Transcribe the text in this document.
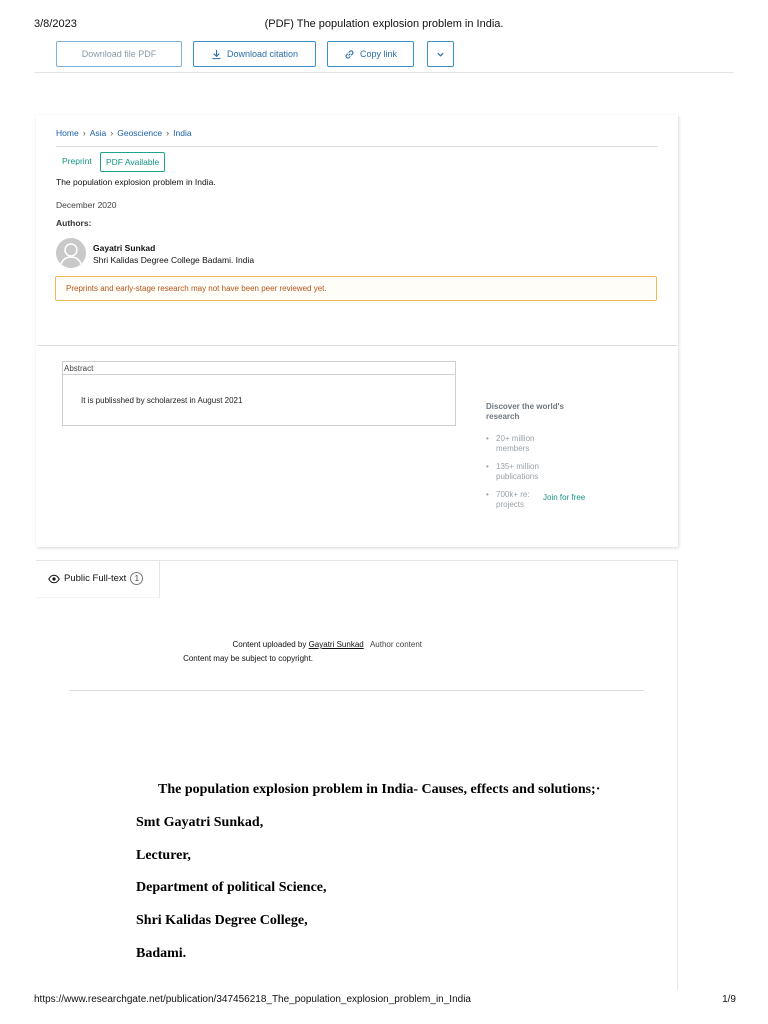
3/8/2023	(PDF) The population explosion problem in India.
Download file PDF	Download citation	Copy link
Home › Asia › Geoscience › India
Preprint	PDF Available
The population explosion problem in India.
December 2020
Authors:
Gayatri Sunkad
Shri Kalidas Degree College Badami. India
Preprints and early-stage research may not have been peer reviewed yet.
Abstract
It is publisshed by scholarzest in August 2021
Discover the world's research
• 20+ million members
• 135+ million publications
• 700k+ re: projects
Join for free
Public Full-text	1
Content uploaded by Gayatri Sunkad Author content
Content may be subject to copyright.
The population explosion problem in India- Causes, effects and solutions;·
Smt Gayatri Sunkad,
Lecturer,
Department of political Science,
Shri Kalidas Degree College,
Badami.
https://www.researchgate.net/publication/347456218_The_population_explosion_problem_in_India	1/9
